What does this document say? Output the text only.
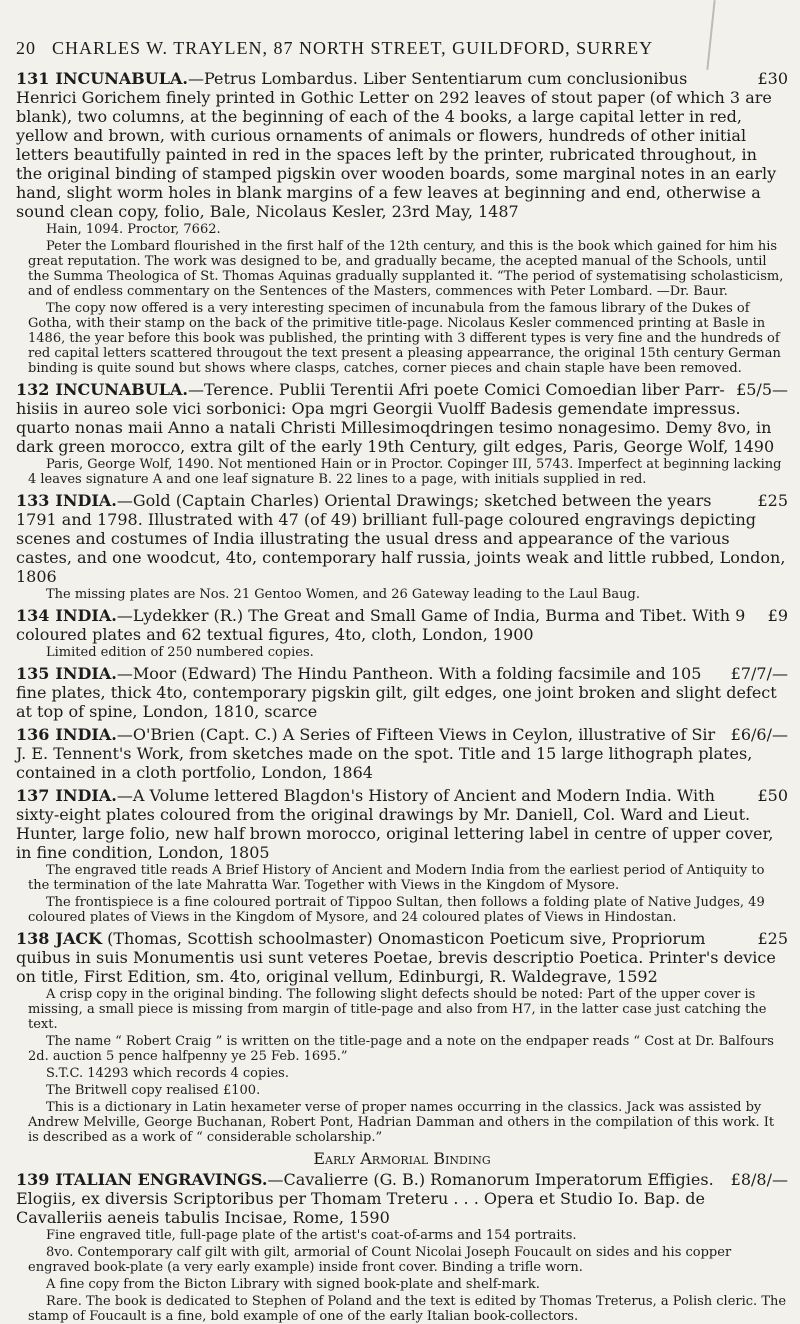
20 CHARLES W. TRAYLEN, 87 NORTH STREET, GUILDFORD, SURREY
£30
131 INCUNABULA.—Petrus Lombardus. Liber Sententiarum cum conclusionibus Henrici Gorichem finely printed in Gothic Letter on 292 leaves of stout paper (of which 3 are blank), two columns, at the beginning of each of the 4 books, a large capital letter in red, yellow and brown, with curious ornaments of animals or flowers, hundreds of other initial letters beautifully painted in red in the spaces left by the printer, rubricated throughout, in the original binding of stamped pigskin over wooden boards, some marginal notes in an early hand, slight worm holes in blank margins of a few leaves at beginning and end, otherwise a sound clean copy, folio, Bale, Nicolaus Kesler, 23rd May, 1487
Hain, 1094. Proctor, 7662.
Peter the Lombard flourished in the first half of the 12th century, and this is the book which gained for him his great reputation. The work was designed to be, and gradually became, the acepted manual of the Schools, until the Summa Theologica of St. Thomas Aquinas gradually supplanted it. “The period of systematising scholasticism, and of endless commentary on the Sentences of the Masters, commences with Peter Lombard. —Dr. Baur.
The copy now offered is a very interesting specimen of incunabula from the famous library of the Dukes of Gotha, with their stamp on the back of the primitive title-page. Nicolaus Kesler commenced printing at Basle in 1486, the year before this book was published, the printing with 3 different types is very fine and the hundreds of red capital letters scattered througout the text present a pleasing appearrance, the original 15th century German binding is quite sound but shows where clasps, catches, corner pieces and chain staple have been removed.
£5/5—
132 INCUNABULA.—Terence. Publii Terentii Afri poete Comici Comoedian liber Parr-hisiis in aureo sole vici sorbonici: Opa mgri Georgii Vuolff Badesis gemendate impressus. quarto nonas maii Anno a natali Christi Millesimoqdringen tesimo nonagesimo. Demy 8vo, in dark green morocco, extra gilt of the early 19th Century, gilt edges, Paris, George Wolf, 1490
Paris, George Wolf, 1490. Not mentioned Hain or in Proctor. Copinger III, 5743. Imperfect at beginning lacking 4 leaves signature A and one leaf signature B. 22 lines to a page, with initials supplied in red.
£25
133 INDIA.—Gold (Captain Charles) Oriental Drawings; sketched between the years 1791 and 1798. Illustrated with 47 (of 49) brilliant full-page coloured engravings depicting scenes and costumes of India illustrating the usual dress and appearance of the various castes, and one woodcut, 4to, contemporary half russia, joints weak and little rubbed, London, 1806
The missing plates are Nos. 21 Gentoo Women, and 26 Gateway leading to the Laul Baug.
£9
134 INDIA.—Lydekker (R.) The Great and Small Game of India, Burma and Tibet. With 9 coloured plates and 62 textual figures, 4to, cloth, London, 1900
Limited edition of 250 numbered copies.
£7/7/—
135 INDIA.—Moor (Edward) The Hindu Pantheon. With a folding facsimile and 105 fine plates, thick 4to, contemporary pigskin gilt, gilt edges, one joint broken and slight defect at top of spine, London, 1810, scarce
£6/6/—
136 INDIA.—O'Brien (Capt. C.) A Series of Fifteen Views in Ceylon, illustrative of Sir J. E. Tennent's Work, from sketches made on the spot. Title and 15 large lithograph plates, contained in a cloth portfolio, London, 1864
£50
137 INDIA.—A Volume lettered Blagdon's History of Ancient and Modern India. With sixty-eight plates coloured from the original drawings by Mr. Daniell, Col. Ward and Lieut. Hunter, large folio, new half brown morocco, original lettering label in centre of upper cover, in fine condition, London, 1805
The engraved title reads A Brief History of Ancient and Modern India from the earliest period of Antiquity to the termination of the late Mahratta War. Together with Views in the Kingdom of Mysore.
The frontispiece is a fine coloured portrait of Tippoo Sultan, then follows a folding plate of Native Judges, 49 coloured plates of Views in the Kingdom of Mysore, and 24 coloured plates of Views in Hindostan.
£25
138 JACK (Thomas, Scottish schoolmaster) Onomasticon Poeticum sive, Propriorum quibus in suis Monumentis usi sunt veteres Poetae, brevis descriptio Poetica. Printer's device on title, First Edition, sm. 4to, original vellum, Edinburgi, R. Waldegrave, 1592
A crisp copy in the original binding. The following slight defects should be noted: Part of the upper cover is missing, a small piece is missing from margin of title-page and also from H7, in the latter case just catching the text.
The name “ Robert Craig ” is written on the title-page and a note on the endpaper reads “ Cost at Dr. Balfours 2d. auction 5 pence halfpenny ye 25 Feb. 1695.”
S.T.C. 14293 which records 4 copies.
The Britwell copy realised £100.
This is a dictionary in Latin hexameter verse of proper names occurring in the classics. Jack was assisted by Andrew Melville, George Buchanan, Robert Pont, Hadrian Damman and others in the compilation of this work. It is described as a work of “ considerable scholarship.”
Early Armorial Binding
£8/8/—
139 ITALIAN ENGRAVINGS.—Cavalierre (G. B.) Romanorum Imperatorum Effigies. Elogiis, ex diversis Scriptoribus per Thomam Treteru . . . Opera et Studio Io. Bap. de Cavalleriis aeneis tabulis Incisae, Rome, 1590
Fine engraved title, full-page plate of the artist's coat-of-arms and 154 portraits.
8vo. Contemporary calf gilt with gilt, armorial of Count Nicolai Joseph Foucault on sides and his copper engraved book-plate (a very early example) inside front cover. Binding a trifle worn.
A fine copy from the Bicton Library with signed book-plate and shelf-mark.
Rare. The book is dedicated to Stephen of Poland and the text is edited by Thomas Treterus, a Polish cleric. The stamp of Foucault is a fine, bold example of one of the early Italian book-collectors.
